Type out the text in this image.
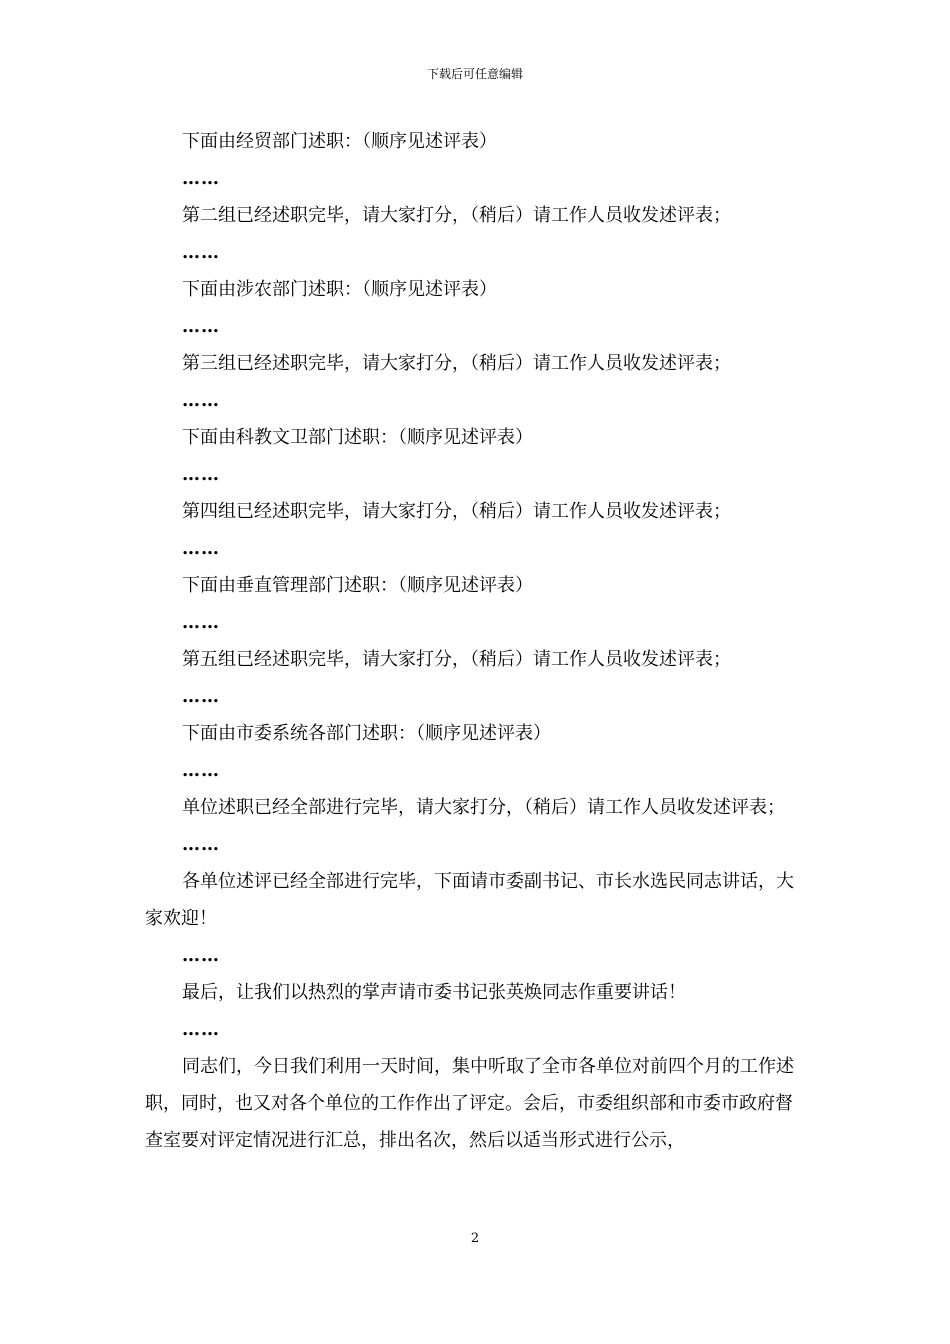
下载后可任意编辑

下面由经贸部门述职：（顺序见述评表）

……

第二组已经述职完毕，请大家打分，（稍后）请工作人员收发述评表；

……

下面由涉农部门述职：（顺序见述评表）

……

第三组已经述职完毕，请大家打分，（稍后）请工作人员收发述评表；

……

下面由科教文卫部门述职：（顺序见述评表）

……

第四组已经述职完毕，请大家打分，（稍后）请工作人员收发述评表；

……

下面由垂直管理部门述职：（顺序见述评表）

……

第五组已经述职完毕，请大家打分，（稍后）请工作人员收发述评表；

……

下面由市委系统各部门述职：（顺序见述评表）

……

单位述职已经全部进行完毕，请大家打分，（稍后）请工作人员收发述评表；

……

各单位述评已经全部进行完毕，下面请市委副书记、市长水选民同志讲话，大家欢迎！

……

最后，让我们以热烈的掌声请市委书记张英焕同志作重要讲话！

……

同志们，今日我们利用一天时间，集中听取了全市各单位对前四个月的工作述职，同时，也又对各个单位的工作作出了评定。会后，市委组织部和市委市政府督查室要对评定情况进行汇总，排出名次，然后以适当形式进行公示，

2
